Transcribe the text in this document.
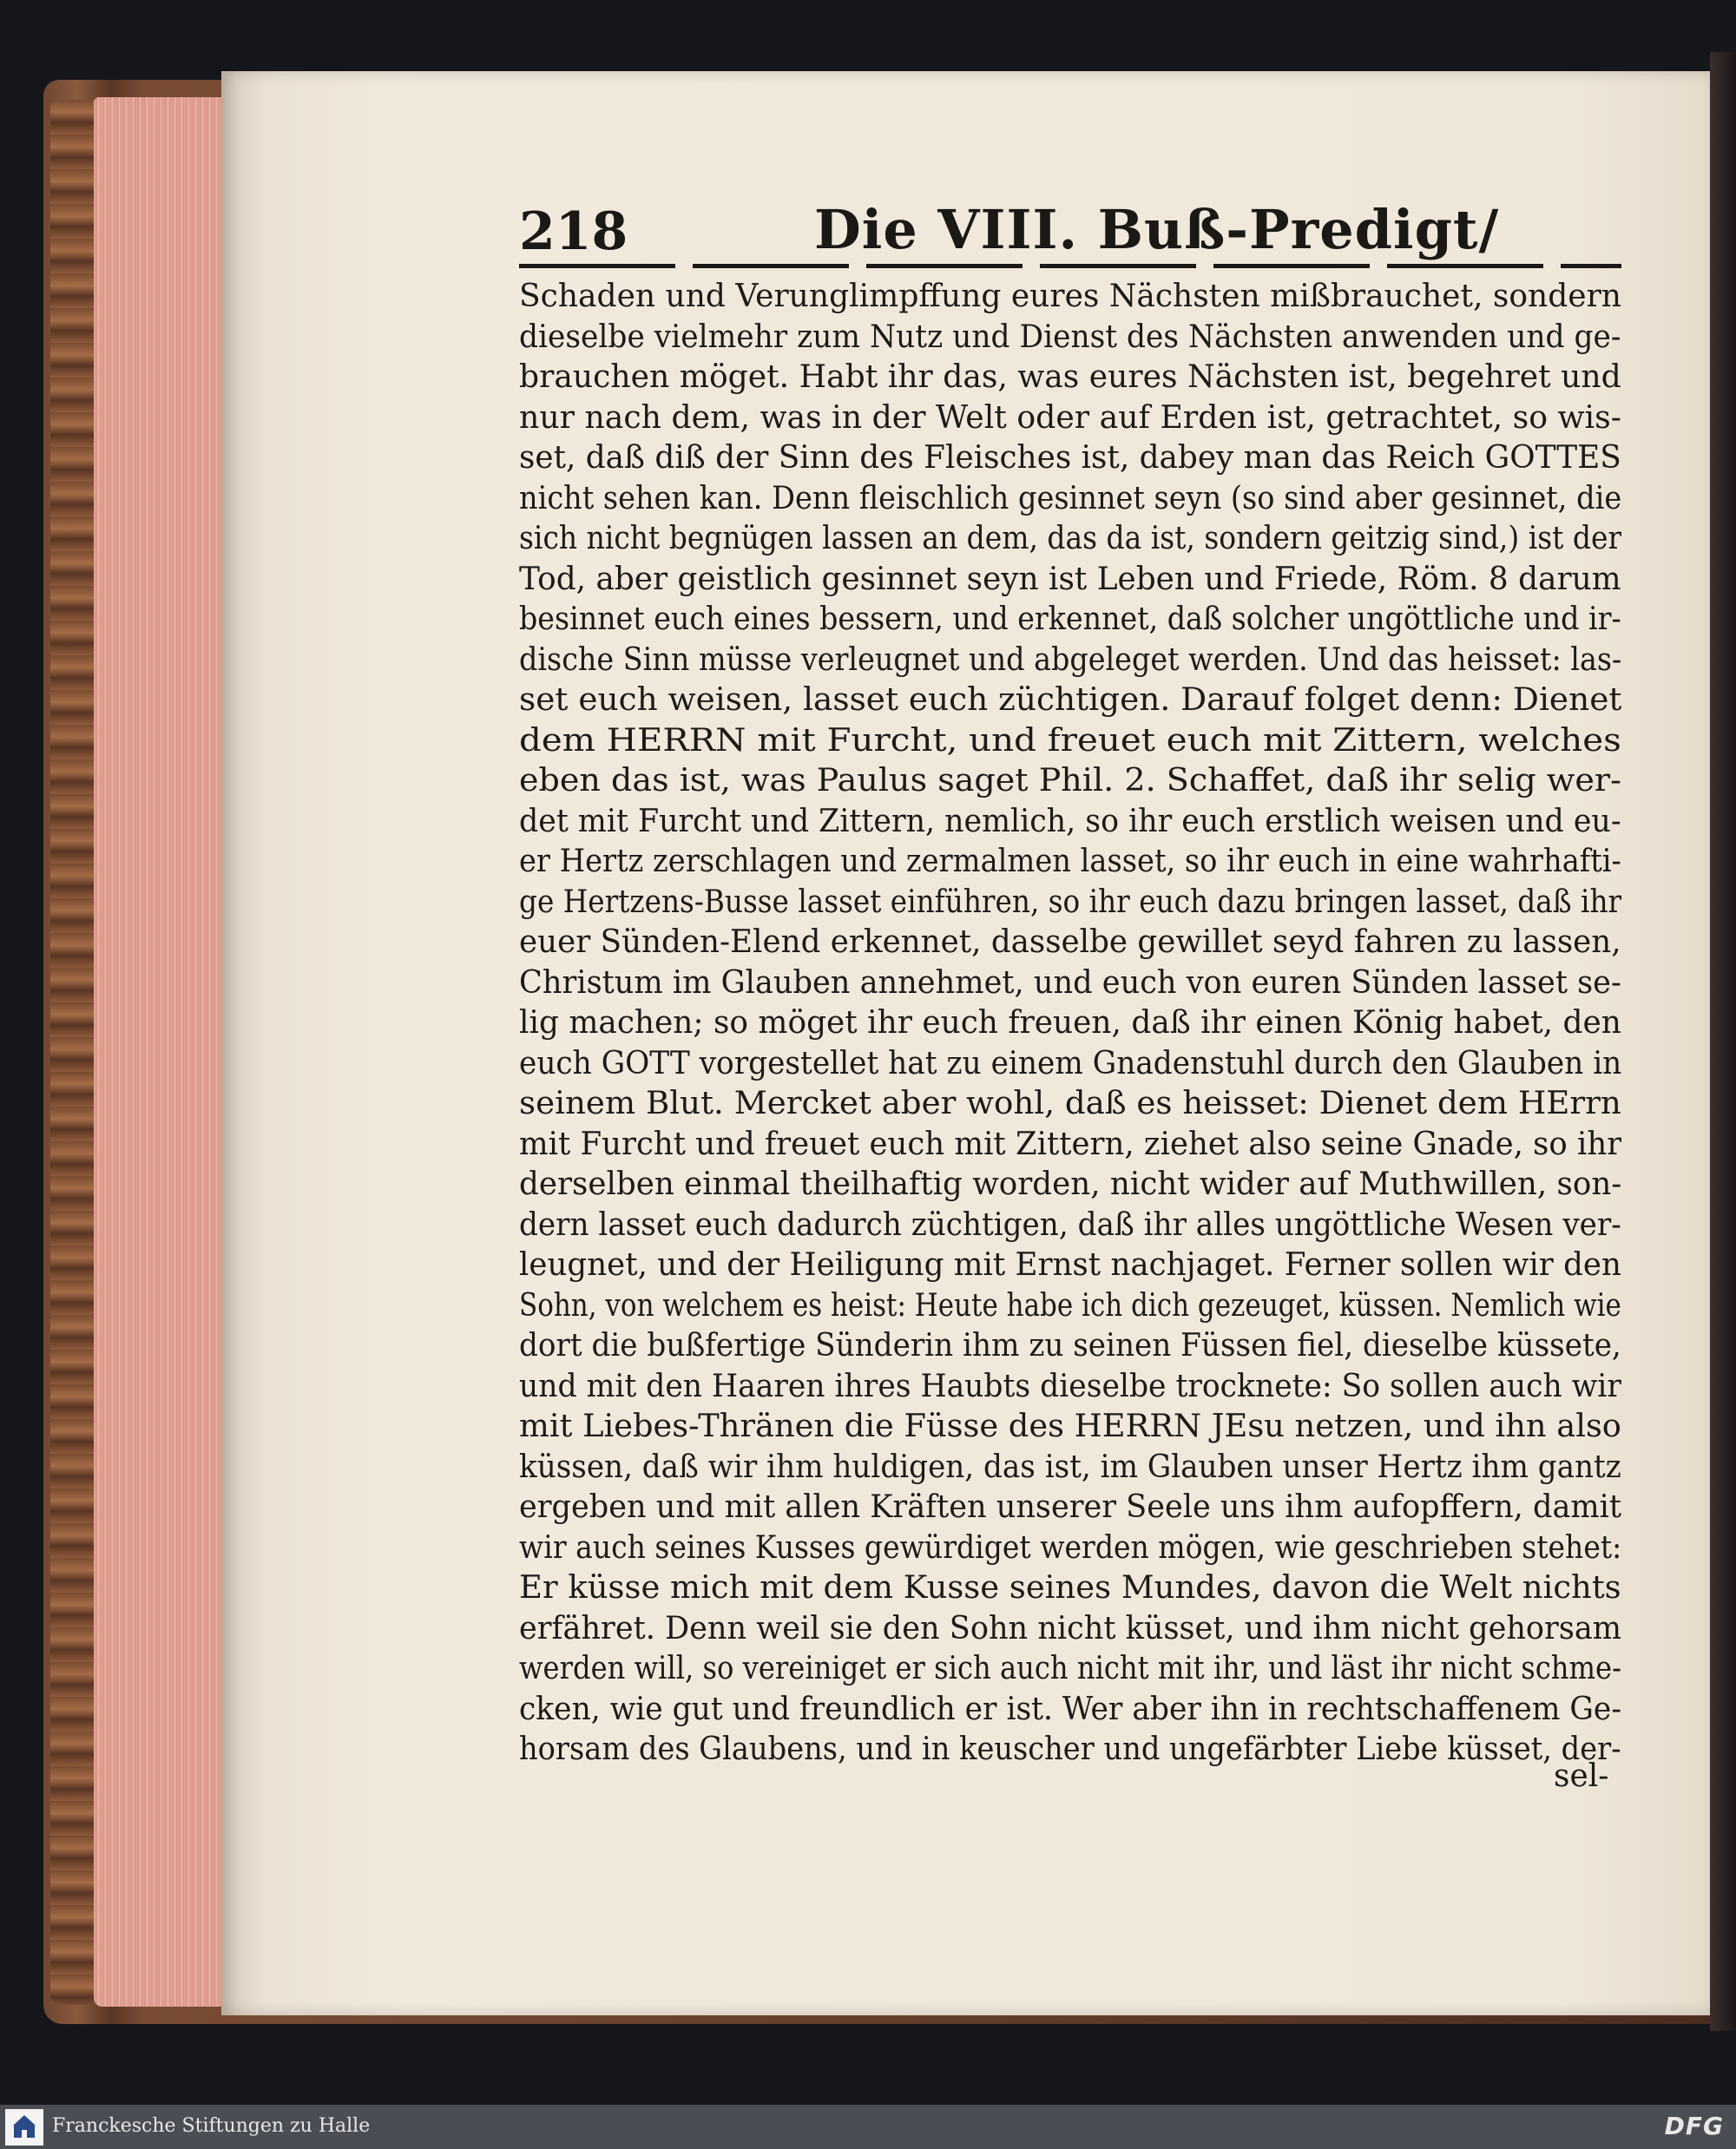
218	Die VIII. Buß-Predigt/
Schaden und Verunglimpffung eures Nächsten mißbrauchet, sondern
dieselbe vielmehr zum Nutz und Dienst des Nächsten anwenden und ge-
brauchen möget. Habt ihr das, was eures Nächsten ist, begehret und
nur nach dem, was in der Welt oder auf Erden ist, getrachtet, so wis-
set, daß diß der Sinn des Fleisches ist, dabey man das Reich GOTTES
nicht sehen kan. Denn fleischlich gesinnet seyn (so sind aber gesinnet, die
sich nicht begnügen lassen an dem, das da ist, sondern geitzig sind,) ist der
Tod, aber geistlich gesinnet seyn ist Leben und Friede, Röm. 8 darum
besinnet euch eines bessern, und erkennet, daß solcher ungöttliche und ir-
dische Sinn müsse verleugnet und abgeleget werden. Und das heisset: las-
set euch weisen, lasset euch züchtigen. Darauf folget denn: Dienet
dem HERRN mit Furcht, und freuet euch mit Zittern, welches
eben das ist, was Paulus saget Phil. 2. Schaffet, daß ihr selig wer-
det mit Furcht und Zittern, nemlich, so ihr euch erstlich weisen und eu-
er Hertz zerschlagen und zermalmen lasset, so ihr euch in eine wahrhafti-
ge Hertzens-Busse lasset einführen, so ihr euch dazu bringen lasset, daß ihr
euer Sünden-Elend erkennet, dasselbe gewillet seyd fahren zu lassen,
Christum im Glauben annehmet, und euch von euren Sünden lasset se-
lig machen; so möget ihr euch freuen, daß ihr einen König habet, den
euch GOTT vorgestellet hat zu einem Gnadenstuhl durch den Glauben in
seinem Blut. Mercket aber wohl, daß es heisset: Dienet dem HErrn
mit Furcht und freuet euch mit Zittern, ziehet also seine Gnade, so ihr
derselben einmal theilhaftig worden, nicht wider auf Muthwillen, son-
dern lasset euch dadurch züchtigen, daß ihr alles ungöttliche Wesen ver-
leugnet, und der Heiligung mit Ernst nachjaget. Ferner sollen wir den
Sohn, von welchem es heist: Heute habe ich dich gezeuget, küssen. Nemlich wie
dort die bußfertige Sünderin ihm zu seinen Füssen fiel, dieselbe küssete,
und mit den Haaren ihres Haubts dieselbe trocknete: So sollen auch wir
mit Liebes-Thränen die Füsse des HERRN JEsu netzen, und ihn also
küssen, daß wir ihm huldigen, das ist, im Glauben unser Hertz ihm gantz
ergeben und mit allen Kräften unserer Seele uns ihm aufopffern, damit
wir auch seines Kusses gewürdiget werden mögen, wie geschrieben stehet:
Er küsse mich mit dem Kusse seines Mundes, davon die Welt nichts
erfähret. Denn weil sie den Sohn nicht küsset, und ihm nicht gehorsam
werden will, so vereiniget er sich auch nicht mit ihr, und läst ihr nicht schme-
cken, wie gut und freundlich er ist. Wer aber ihn in rechtschaffenem Ge-
horsam des Glaubens, und in keuscher und ungefärbter Liebe küsset, der-
sel-
Franckesche Stiftungen zu Halle	DFG
